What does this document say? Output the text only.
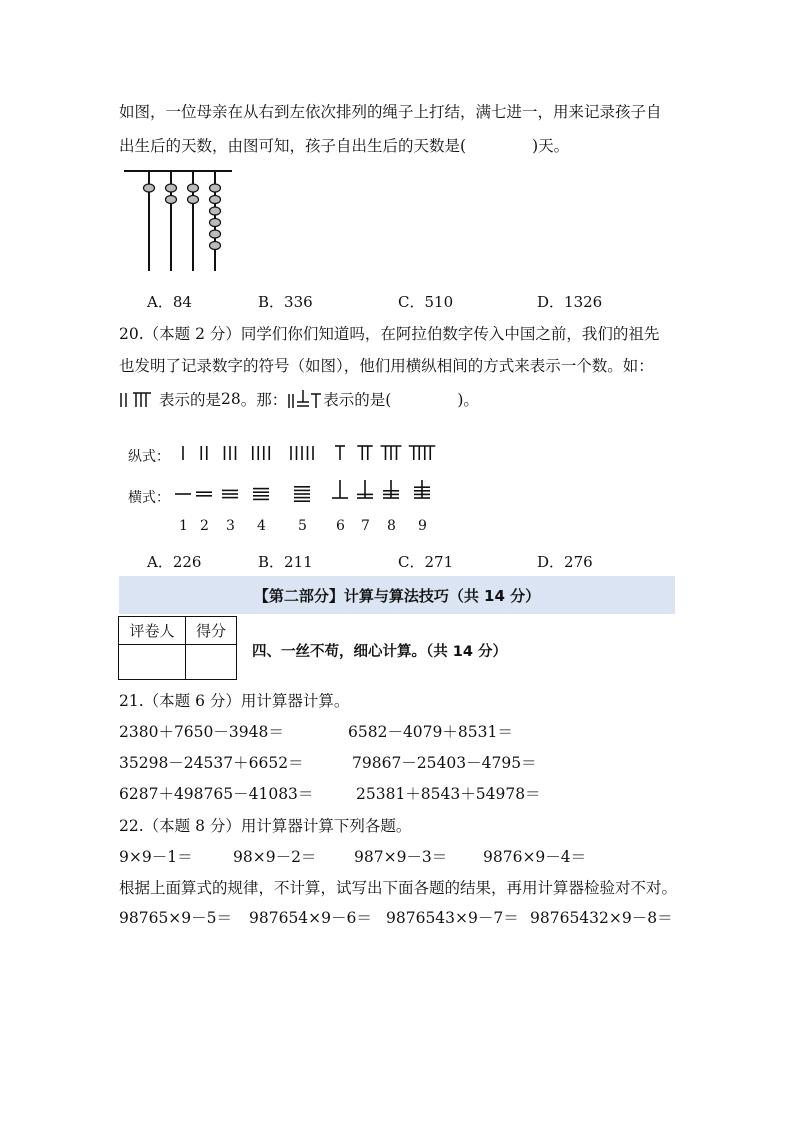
如图，一位母亲在从右到左依次排列的绳子上打结，满七进一，用来记录孩子自
出生后的天数，由图可知，孩子自出生后的天数是(	)天。
A．84	B．336	C．510	D．1326
20.（本题 2 分）同学们你们知道吗，在阿拉伯数字传入中国之前，我们的祖先
也发明了记录数字的符号（如图），他们用横纵相间的方式来表示一个数。如：
表示的是 28 。那： 表示的是(	)。
纵式：
横式：
1 2 3 4 5 6 7 8 9
A．226	B．211	C．271	D．276
【第二部分】计算与算法技巧（共 14 分）
评卷人	得分

四、一丝不苟，细心计算。（共 14 分）
21.（本题 6 分）用计算器计算。
2380＋7650－3948＝	6582－4079＋8531＝
35298－24537＋6652＝	79867－25403－4795＝
6287＋498765－41083＝	25381＋8543＋54978＝
22.（本题 8 分）用计算器计算下列各题。
9×9－1＝	98×9－2＝ 987×9－3＝ 9876×9－4＝
根据上面算式的规律，不计算，试写出下面各题的结果，再用计算器检验对不对。
98765×9－5＝ 987654×9－6＝ 9876543×9－7＝ 98765432×9－8＝
